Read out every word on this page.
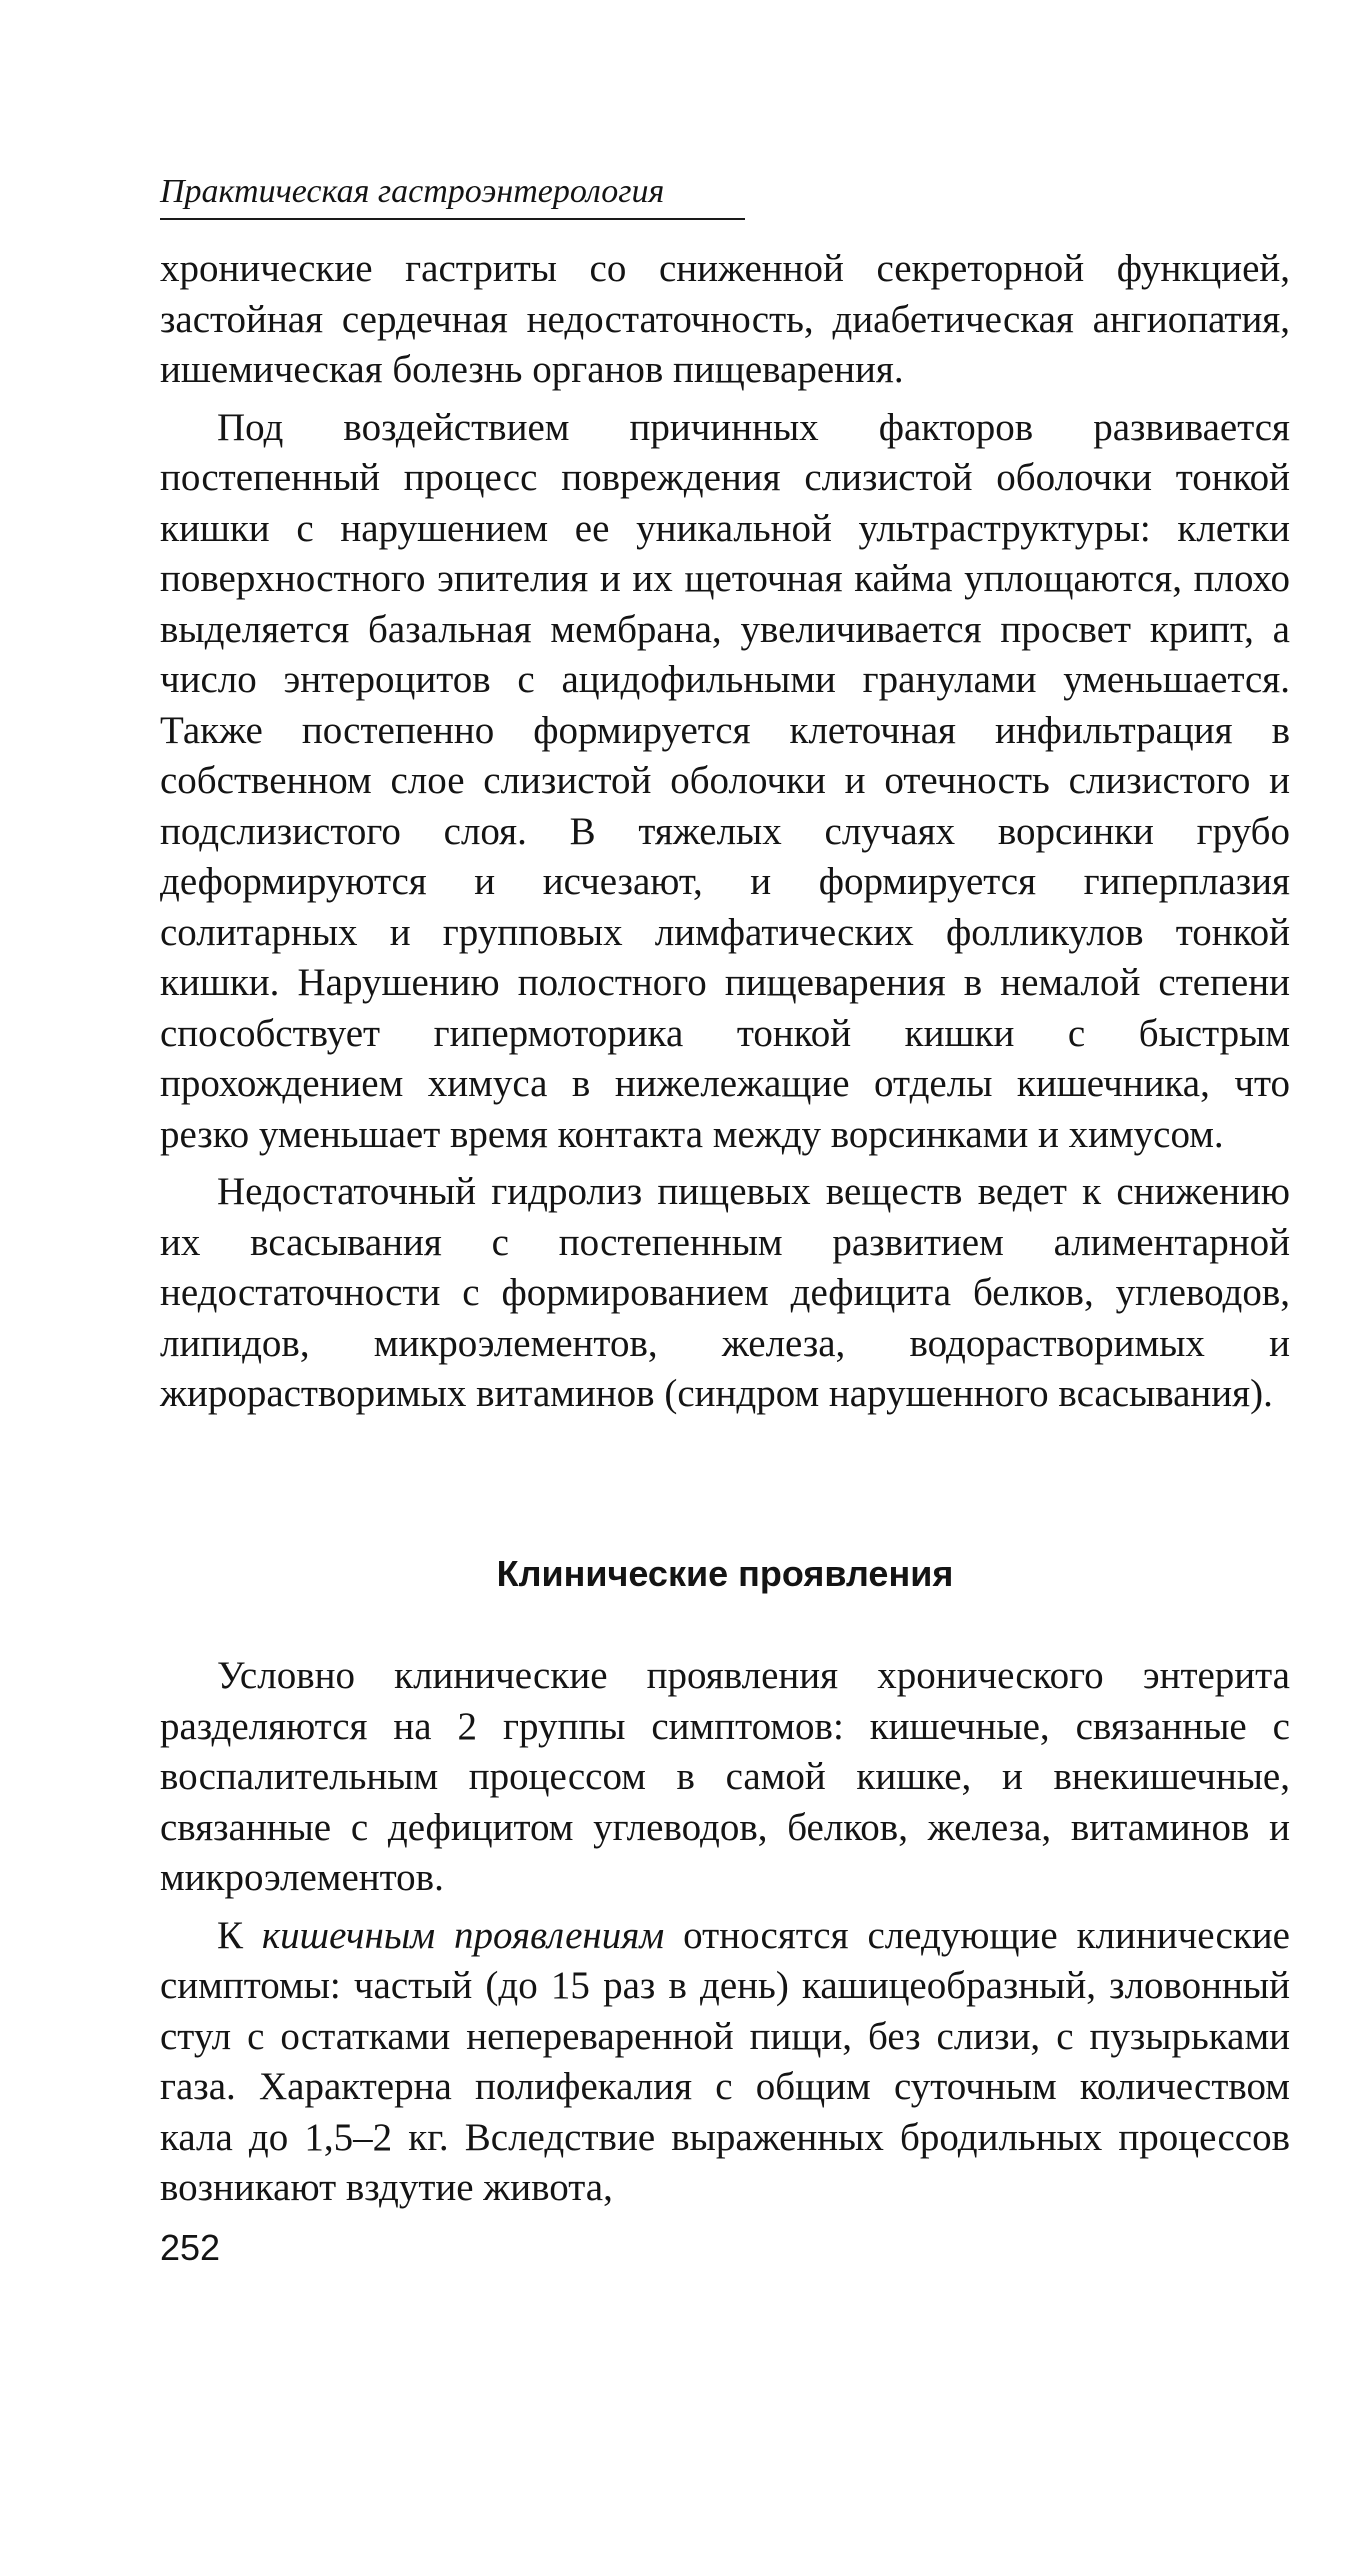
Практическая гастроэнтерология

хронические гастриты со сниженной секреторной функцией, застойная сердечная недостаточность, диабетическая ангиопатия, ишемическая болезнь органов пищеварения.

Под воздействием причинных факторов развивается постепенный процесс повреждения слизистой оболочки тонкой кишки с нарушением ее уникальной ультраструктуры: клетки поверхностного эпителия и их щеточная кайма уплощаются, плохо выделяется базальная мембрана, увеличивается просвет крипт, а число энтероцитов с ацидофильными гранулами уменьшается. Также постепенно формируется клеточная инфильтрация в собственном слое слизистой оболочки и отечность слизистого и подслизистого слоя. В тяжелых случаях ворсинки грубо деформируются и исчезают, и формируется гиперплазия солитарных и групповых лимфатических фолликулов тонкой кишки. Нарушению полостного пищеварения в немалой степени способствует гипермоторика тонкой кишки с быстрым прохождением химуса в нижележащие отделы кишечника, что резко уменьшает время контакта между ворсинками и химусом.

Недостаточный гидролиз пищевых веществ ведет к снижению их всасывания с постепенным развитием алиментарной недостаточности с формированием дефицита белков, углеводов, липидов, микроэлементов, железа, водорастворимых и жирорастворимых витаминов (синдром нарушенного всасывания).

Клинические проявления

Условно клинические проявления хронического энтерита разделяются на 2 группы симптомов: кишечные, связанные с воспалительным процессом в самой кишке, и внекишечные, связанные с дефицитом углеводов, белков, железа, витаминов и микроэлементов.

К кишечным проявлениям относятся следующие клинические симптомы: частый (до 15 раз в день) кашицеобразный, зловонный стул с остатками непереваренной пищи, без слизи, с пузырьками газа. Характерна полифекалия с общим суточным количеством кала до 1,5–2 кг. Вследствие выраженных бродильных процессов возникают вздутие живота,

252
